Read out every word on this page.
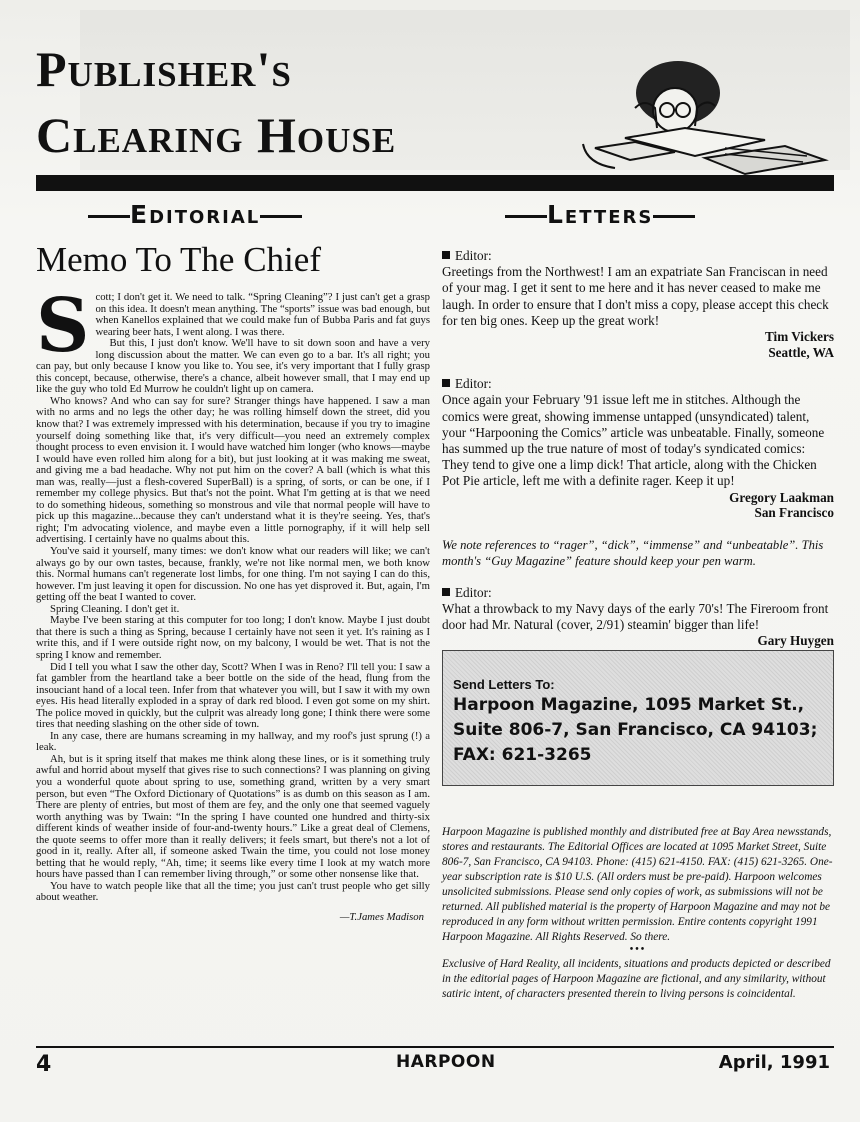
Publisher's
Clearing House
Editorial	Letters
Memo To The Chief
S cott; I don't get it. We need to talk. “Spring Cleaning”? I just can't get a grasp on this idea. It doesn't mean anything. The “sports” issue was bad enough, but when Kanellos explained that we could make fun of Bubba Paris and fat guys wearing beer hats, I went along. I was there.

But this, I just don't know. We'll have to sit down soon and have a very long discussion about the matter. We can even go to a bar. It's all right; you can pay, but only because I know you like to. You see, it's very important that I fully grasp this concept, because, otherwise, there's a chance, albeit however small, that I may end up like the guy who told Ed Murrow he couldn't light up on camera.

Who knows? And who can say for sure? Stranger things have happened. I saw a man with no arms and no legs the other day; he was rolling himself down the street, did you know that? I was extremely impressed with his determination, because if you try to imagine yourself doing something like that, it's very difficult—you need an extremely complex thought process to even envision it. I would have watched him longer (who knows—maybe I would have even rolled him along for a bit), but just looking at it was making me sweat, and giving me a bad headache. Why not put him on the cover? A ball (which is what this man was, really—just a flesh-covered SuperBall) is a spring, of sorts, or can be one, if I remember my college physics. But that's not the point. What I'm getting at is that we need to do something hideous, something so monstrous and vile that normal people will have to pick up this magazine...because they can't understand what it is they're seeing. Yes, that's right; I'm advocating violence, and maybe even a little pornography, if it will help sell advertising. I certainly have no qualms about this.

You've said it yourself, many times: we don't know what our readers will like; we can't always go by our own tastes, because, frankly, we're not like normal men, we both know this. Normal humans can't regenerate lost limbs, for one thing. I'm not saying I can do this, however. I'm just leaving it open for discussion. No one has yet disproved it. But, again, I'm getting off the beat I wanted to cover.

Spring Cleaning. I don't get it.

Maybe I've been staring at this computer for too long; I don't know. Maybe I just doubt that there is such a thing as Spring, because I certainly have not seen it yet. It's raining as I write this, and if I were outside right now, on my balcony, I would be wet. That is not the spring I know and remember.

Did I tell you what I saw the other day, Scott? When I was in Reno? I'll tell you: I saw a fat gambler from the heartland take a beer bottle on the side of the head, flung from the insouciant hand of a local teen. Infer from that whatever you will, but I saw it with my own eyes. His head literally exploded in a spray of dark red blood. I even got some on my shirt. The police moved in quickly, but the culprit was already long gone; I think there were some tires that needing slashing on the other side of town.

In any case, there are humans screaming in my hallway, and my roof's just sprung (!) a leak.

Ah, but is it spring itself that makes me think along these lines, or is it something truly awful and horrid about myself that gives rise to such connections? I was planning on giving you a wonderful quote about spring to use, something grand, written by a very smart person, but even “The Oxford Dictionary of Quotations” is as dumb on this season as I am. There are plenty of entries, but most of them are fey, and the only one that seemed vaguely worth anything was by Twain: “In the spring I have counted one hundred and thirty-six different kinds of weather inside of four-and-twenty hours.” Like a great deal of Clemens, the quote seems to offer more than it really delivers; it feels smart, but there's not a lot of good in it, really. After all, if someone asked Twain the time, you could not lose money betting that he would reply, “Ah, time; it seems like every time I look at my watch more hours have passed than I can remember living through,” or some other nonsense like that.

You have to watch people like that all the time; you just can't trust people who get silly about weather.

—T.James Madison

Editor:

Greetings from the Northwest! I am an expatriate San Franciscan in need of your mag. I get it sent to me here and it has never ceased to make me laugh. In order to ensure that I don't miss a copy, please accept this check for ten big ones. Keep up the great work!

Tim Vickers
Seattle, WA
Editor:

Once again your February '91 issue left me in stitches. Although the comics were great, showing immense untapped (unsyndicated) talent, your “Harpooning the Comics” article was unbeatable. Finally, someone has summed up the true nature of most of today's syndicated comics: They tend to give one a limp dick! That article, along with the Chicken Pot Pie article, left me with a definite rager. Keep it up!

Gregory Laakman
San Francisco

We note references to “rager”, “dick”, “immense” and “unbeatable”. This month's “Guy Magazine” feature should keep your pen warm.

Editor:

What a throwback to my Navy days of the early 70's! The Fireroom front door had Mr. Natural (cover, 2/91) steamin' bigger than life!

Gary Huygen
Send Letters To:
Harpoon Magazine, 1095 Market St., Suite 806-7, San Francisco, CA 94103; FAX: 621-3265

Harpoon Magazine is published monthly and distributed free at Bay Area newsstands, stores and restaurants. The Editorial Offices are located at 1095 Market Street, Suite 806-7, San Francisco, CA 94103. Phone: (415) 621-4150. FAX: (415) 621-3265. One-year subscription rate is $10 U.S. (All orders must be pre-paid). Harpoon welcomes unsolicited submissions. Please send only copies of work, as submissions will not be returned. All published material is the property of Harpoon Magazine and may not be reproduced in any form without written permission. Entire contents copyright 1991 Harpoon Magazine. All Rights Reserved. So there.

•••

Exclusive of Hard Reality, all incidents, situations and products depicted or described in the editorial pages of Harpoon Magazine are fictional, and any similarity, without satiric intent, of characters presented therein to living persons is coincidental.

4	HARPOON	April, 1991
